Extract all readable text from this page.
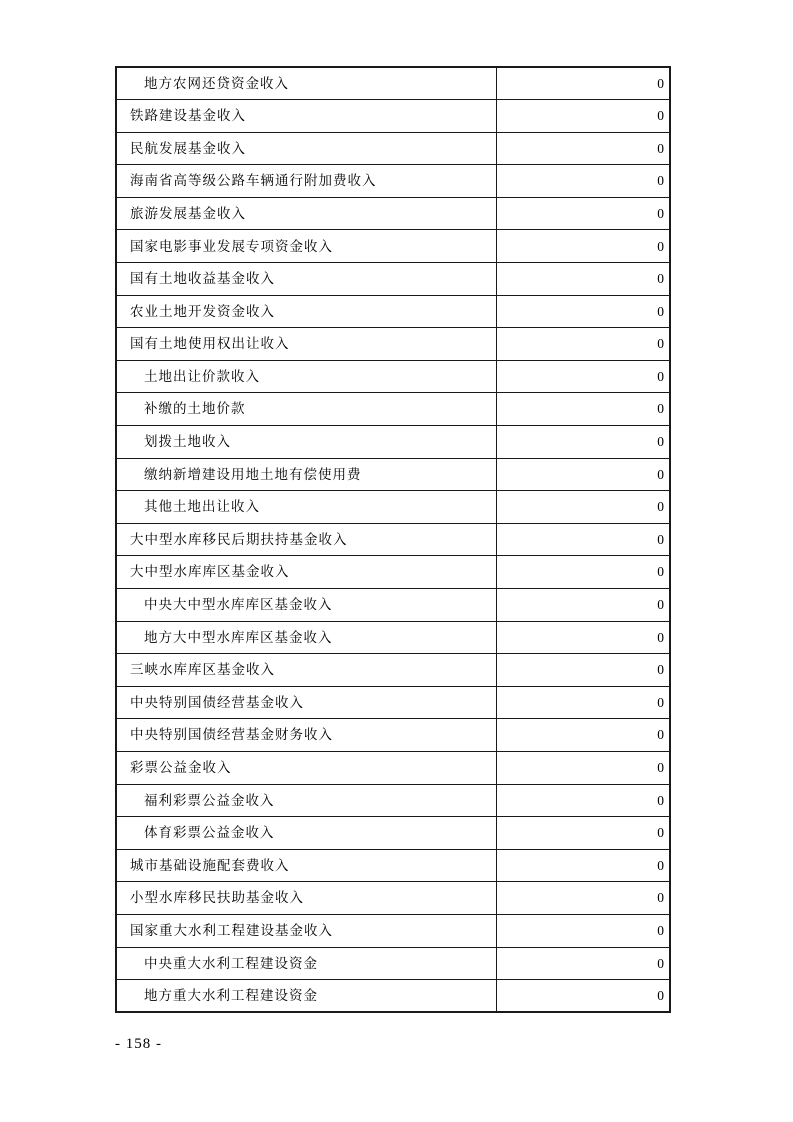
地方农网还贷资金收入	0
铁路建设基金收入	0
民航发展基金收入	0
海南省高等级公路车辆通行附加费收入	0
旅游发展基金收入	0
国家电影事业发展专项资金收入	0
国有土地收益基金收入	0
农业土地开发资金收入	0
国有土地使用权出让收入	0
土地出让价款收入	0
补缴的土地价款	0
划拨土地收入	0
缴纳新增建设用地土地有偿使用费	0
其他土地出让收入	0
大中型水库移民后期扶持基金收入	0
大中型水库库区基金收入	0
中央大中型水库库区基金收入	0
地方大中型水库库区基金收入	0
三峡水库库区基金收入	0
中央特别国债经营基金收入	0
中央特别国债经营基金财务收入	0
彩票公益金收入	0
福利彩票公益金收入	0
体育彩票公益金收入	0
城市基础设施配套费收入	0
小型水库移民扶助基金收入	0
国家重大水利工程建设基金收入	0
中央重大水利工程建设资金	0
地方重大水利工程建设资金	0
- 158 -
